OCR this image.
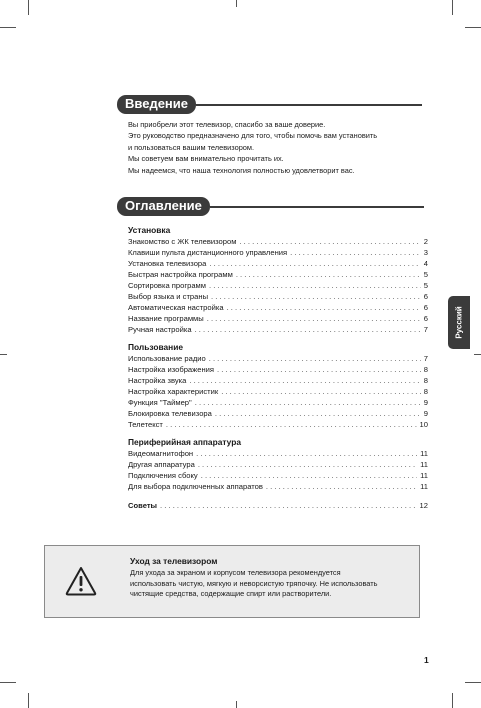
Введение

Вы приобрели этот телевизор, спасибо за ваше доверие.

Это руководство предназначено для того, чтобы помочь вам установить

и пользоваться вашим телевизором.

Мы советуем вам внимательно прочитать их.

Мы надеемся, что наша технология полностью удовлетворит вас.

Оглавление

Установка

Знакомство с ЖК телевизором . . .	2
Клавиши пульта дистанционного управления . . .	3
Установка телевизора . . .	4
Быстрая настройка программ . . .	5
Сортировка программ . . .	5
Выбор языка и страны . . .	6
Автоматическая настройка . . .	6
Название программы . . .	6
Ручная настройка . . .	7

Пользование

Использование радио . . .	7
Настройка изображения . . .	8
Настройка звука . . .	8
Настройка характеристик . . .	8
Функция "Таймер" . . .	9
Блокировка телевизора . . .	9
Телетекст . . .	10

Периферийная аппаратура

Видеомагнитофон . . .	11
Другая аппаратура . . .	11
Подключения сбоку . . .	11
Для выбора подключенных аппаратов . . .	11
Советы . . .	12
Русский
Уход за телевизором

Для ухода за экраном и корпусом телевизора рекомендуется

использовать чистую, мягкую и неворсистую тряпочку. Не использовать

чистящие средства, содержащие спирт или растворители.

1
